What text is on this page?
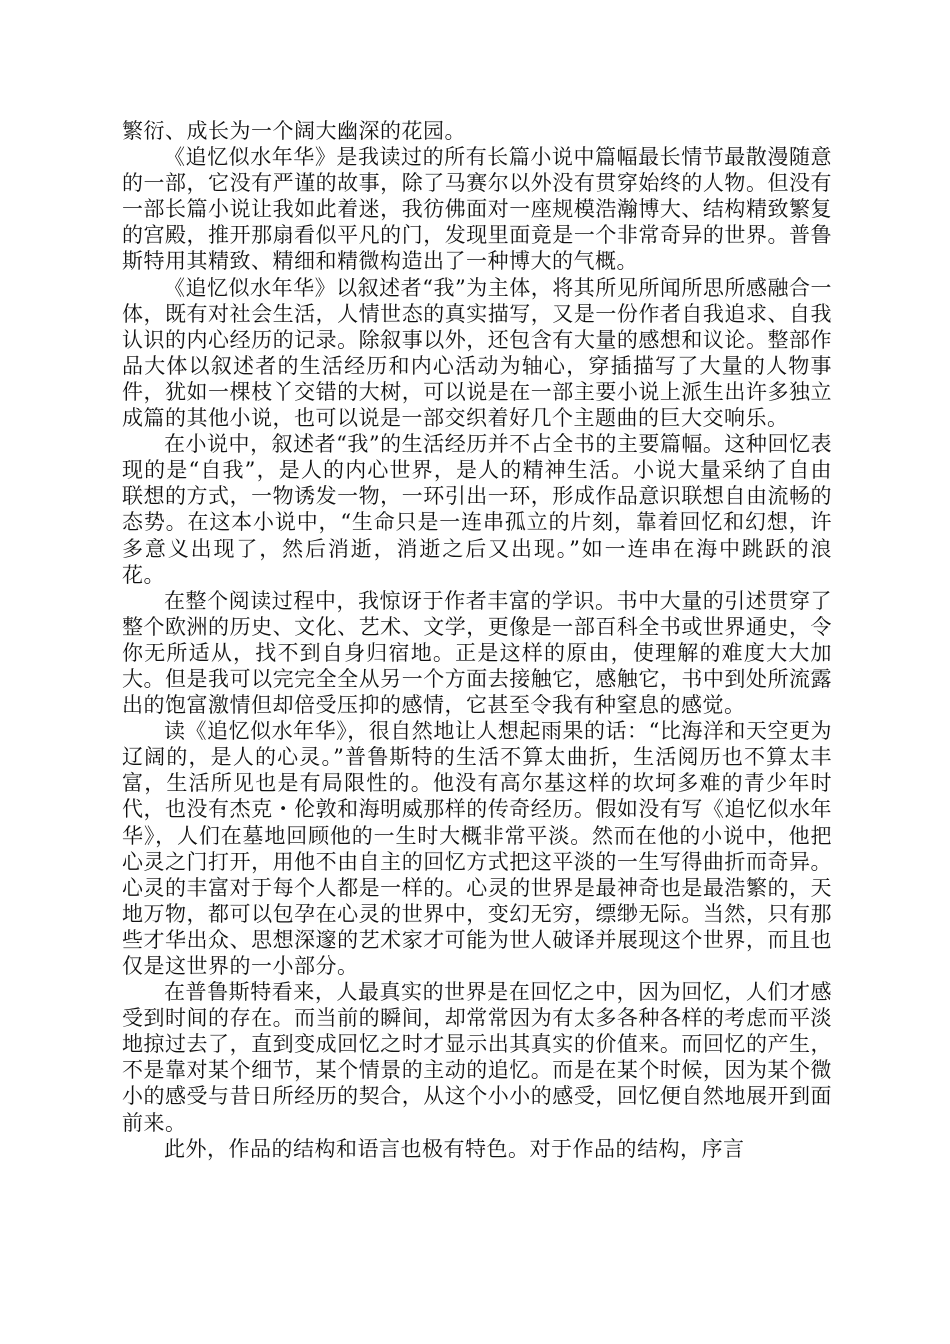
繁衍、成长为一个阔大幽深的花园。

《追忆似水年华》是我读过的所有长篇小说中篇幅最长情节最散漫随意的一部，它没有严谨的故事，除了马赛尔以外没有贯穿始终的人物。但没有一部长篇小说让我如此着迷，我彷佛面对一座规模浩瀚博大、结构精致繁复的宫殿，推开那扇看似平凡的门，发现里面竟是一个非常奇异的世界。普鲁斯特用其精致、精细和精微构造出了一种博大的气概。

《追忆似水年华》以叙述者“我”为主体，将其所见所闻所思所感融合一体，既有对社会生活，人情世态的真实描写，又是一份作者自我追求、自我认识的内心经历的记录。除叙事以外，还包含有大量的感想和议论。整部作品大体以叙述者的生活经历和内心活动为轴心，穿插描写了大量的人物事件，犹如一棵枝丫交错的大树，可以说是在一部主要小说上派生出许多独立成篇的其他小说，也可以说是一部交织着好几个主题曲的巨大交响乐。

在小说中，叙述者“我”的生活经历并不占全书的主要篇幅。这种回忆表现的是“自我”，是人的内心世界，是人的精神生活。小说大量采纳了自由联想的方式，一物诱发一物，一环引出一环，形成作品意识联想自由流畅的态势。在这本小说中，“生命只是一连串孤立的片刻，靠着回忆和幻想，许多意义出现了，然后消逝，消逝之后又出现。”如一连串在海中跳跃的浪花。

在整个阅读过程中，我惊讶于作者丰富的学识。书中大量的引述贯穿了整个欧洲的历史、文化、艺术、文学，更像是一部百科全书或世界通史，令你无所适从，找不到自身归宿地。正是这样的原由，使理解的难度大大加大。但是我可以完完全全从另一个方面去接触它，感触它，书中到处所流露出的饱富激情但却倍受压抑的感情，它甚至令我有种窒息的感觉。

读《追忆似水年华》，很自然地让人想起雨果的话：“比海洋和天空更为辽阔的，是人的心灵。”普鲁斯特的生活不算太曲折，生活阅历也不算太丰富，生活所见也是有局限性的。他没有高尔基这样的坎坷多难的青少年时代，也没有杰克・伦敦和海明威那样的传奇经历。假如没有写《追忆似水年华》，人们在墓地回顾他的一生时大概非常平淡。然而在他的小说中，他把心灵之门打开，用他不由自主的回忆方式把这平淡的一生写得曲折而奇异。心灵的丰富对于每个人都是一样的。心灵的世界是最神奇也是最浩繁的，天地万物，都可以包孕在心灵的世界中，变幻无穷，缥缈无际。当然，只有那些才华出众、思想深邃的艺术家才可能为世人破译并展现这个世界，而且也仅是这世界的一小部分。

在普鲁斯特看来，人最真实的世界是在回忆之中，因为回忆，人们才感受到时间的存在。而当前的瞬间，却常常因为有太多各种各样的考虑而平淡地掠过去了，直到变成回忆之时才显示出其真实的价值来。而回忆的产生，不是靠对某个细节，某个情景的主动的追忆。而是在某个时候，因为某个微小的感受与昔日所经历的契合，从这个小小的感受，回忆便自然地展开到面前来。

此外，作品的结构和语言也极有特色。对于作品的结构，序言
